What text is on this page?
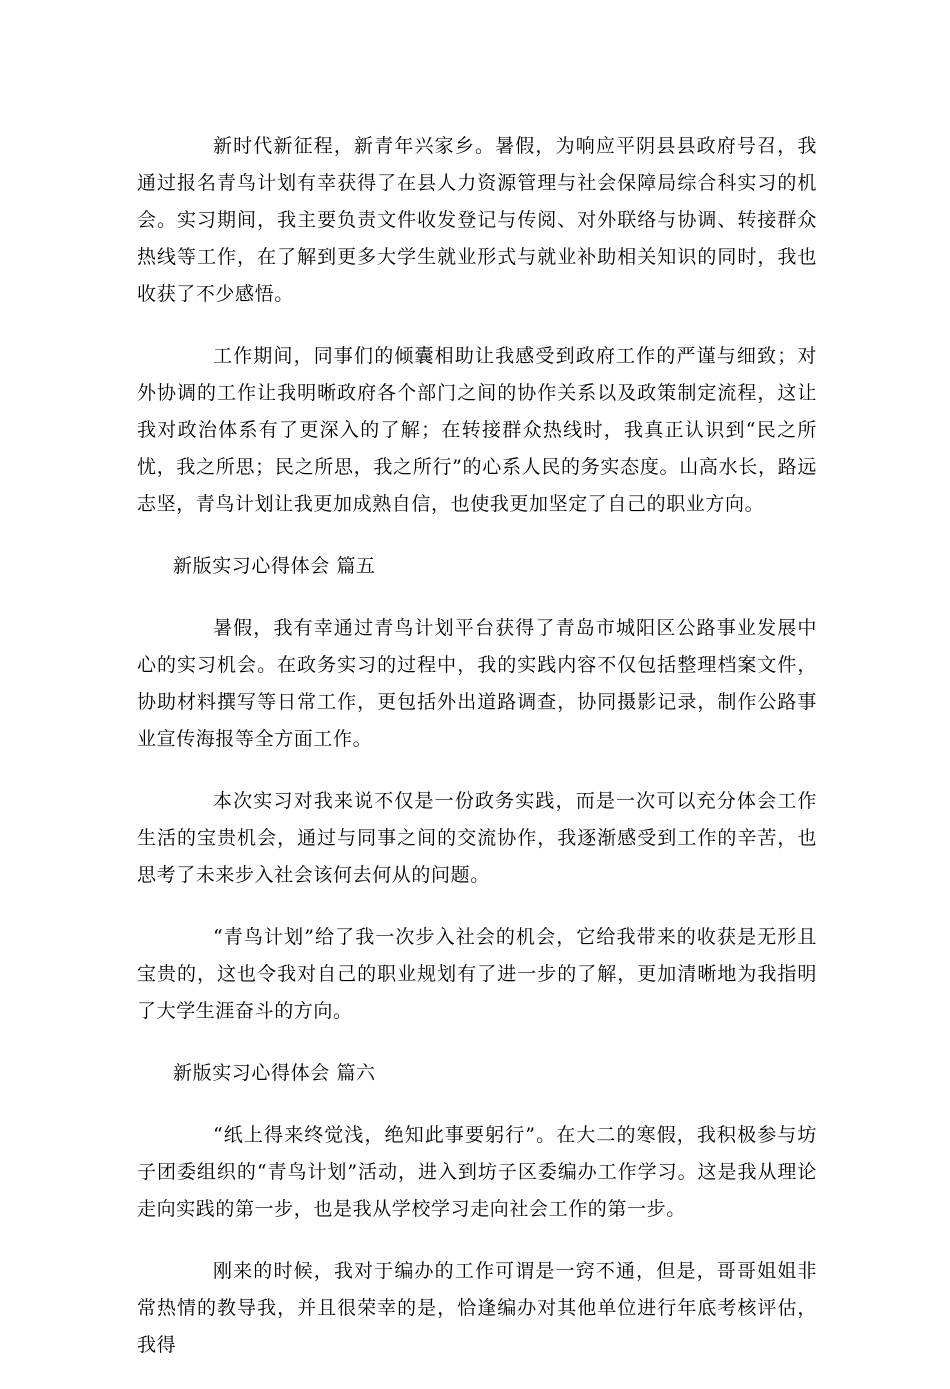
新时代新征程，新青年兴家乡。暑假，为响应平阴县县政府号召，我通过报名青鸟计划有幸获得了在县人力资源管理与社会保障局综合科实习的机会。实习期间，我主要负责文件收发登记与传阅、对外联络与协调、转接群众热线等工作，在了解到更多大学生就业形式与就业补助相关知识的同时，我也收获了不少感悟。

工作期间，同事们的倾囊相助让我感受到政府工作的严谨与细致；对外协调的工作让我明晰政府各个部门之间的协作关系以及政策制定流程，这让我对政治体系有了更深入的了解；在转接群众热线时，我真正认识到“民之所忧，我之所思；民之所思，我之所行”的心系人民的务实态度。山高水长，路远志坚，青鸟计划让我更加成熟自信，也使我更加坚定了自己的职业方向。

新版实习心得体会 篇五

暑假，我有幸通过青鸟计划平台获得了青岛市城阳区公路事业发展中心的实习机会。在政务实习的过程中，我的实践内容不仅包括整理档案文件，协助材料撰写等日常工作，更包括外出道路调查，协同摄影记录，制作公路事业宣传海报等全方面工作。

本次实习对我来说不仅是一份政务实践，而是一次可以充分体会工作生活的宝贵机会，通过与同事之间的交流协作，我逐渐感受到工作的辛苦，也思考了未来步入社会该何去何从的问题。

“青鸟计划”给了我一次步入社会的机会，它给我带来的收获是无形且宝贵的，这也令我对自己的职业规划有了进一步的了解，更加清晰地为我指明了大学生涯奋斗的方向。

新版实习心得体会 篇六

“纸上得来终觉浅，绝知此事要躬行”。在大二的寒假，我积极参与坊子团委组织的“青鸟计划”活动，进入到坊子区委编办工作学习。这是我从理论走向实践的第一步，也是我从学校学习走向社会工作的第一步。

刚来的时候，我对于编办的工作可谓是一窍不通，但是，哥哥姐姐非常热情的教导我，并且很荣幸的是，恰逢编办对其他单位进行年底考核评估，我得
